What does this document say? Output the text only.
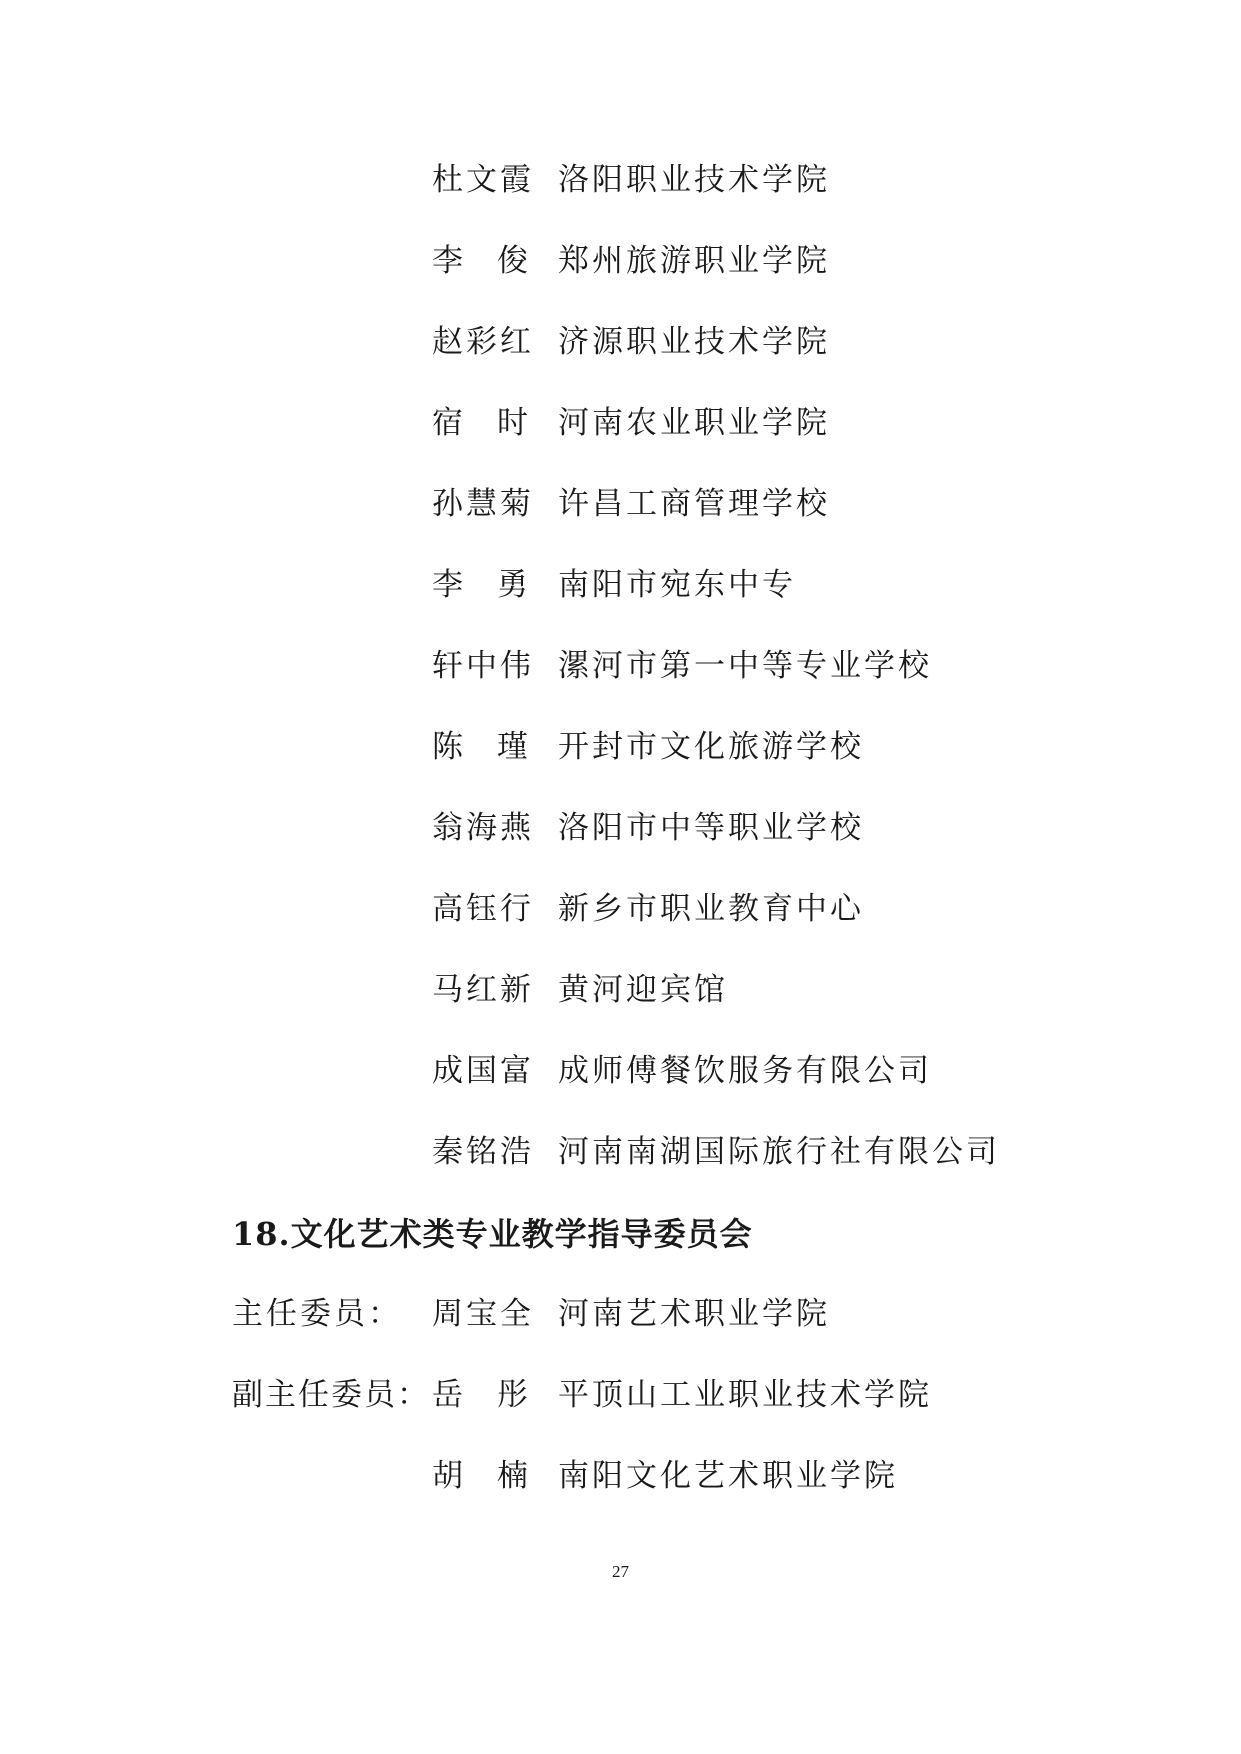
杜文霞 洛阳职业技术学院
李 俊 郑州旅游职业学院
赵彩红 济源职业技术学院
宿 时 河南农业职业学院
孙慧菊 许昌工商管理学校
李 勇 南阳市宛东中专
轩中伟 漯河市第一中等专业学校
陈 瑾 开封市文化旅游学校
翁海燕 洛阳市中等职业学校
高钰行 新乡市职业教育中心
马红新 黄河迎宾馆
成国富 成师傅餐饮服务有限公司
秦铭浩 河南南湖国际旅行社有限公司
18.文化艺术类专业教学指导委员会
主任委员： 周宝全 河南艺术职业学院
副主任委员： 岳 彤 平顶山工业职业技术学院
胡 楠 南阳文化艺术职业学院
27
